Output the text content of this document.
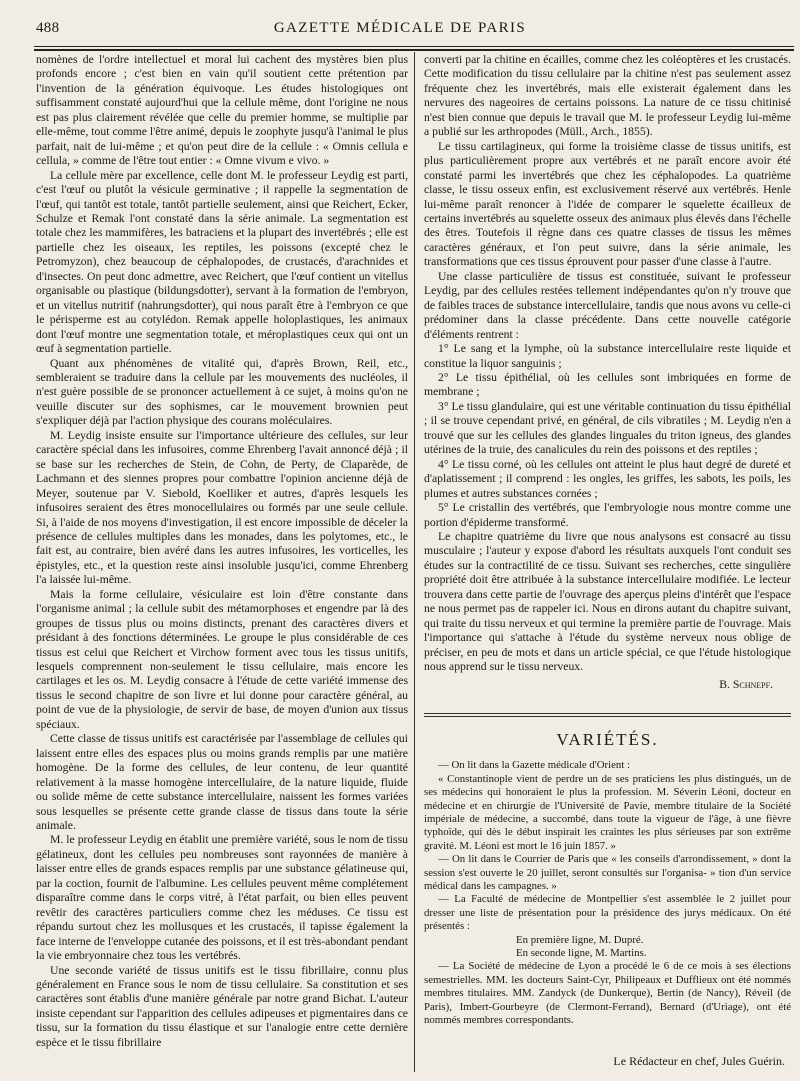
488	GAZETTE MÉDICALE DE PARIS

nomènes de l'ordre intellectuel et moral lui cachent des mystères bien plus profonds encore ; c'est bien en vain qu'il soutient cette prétention par l'invention de la génération équivoque. Les études histologiques ont suffisamment constaté aujourd'hui que la cellule même, dont l'origine ne nous est pas plus clairement révélée que celle du premier homme, se multiplie par elle-même, tout comme l'être animé, depuis le zoophyte jusqu'à l'animal le plus parfait, nait de lui-même ; et qu'on peut dire de la cellule : « Omnis cellula e cellula, » comme de l'être tout entier : « Omne vivum e vivo. »

La cellule mère par excellence, celle dont M. le professeur Leydig est parti, c'est l'œuf ou plutôt la vésicule germinative ; il rappelle la segmentation de l'œuf, qui tantôt est totale, tantôt partielle seulement, ainsi que Reichert, Ecker, Schulze et Remak l'ont constaté dans la série animale. La segmentation est totale chez les mammifères, les batraciens et la plupart des invertébrés ; elle est partielle chez les oiseaux, les reptiles, les poissons (excepté chez le Petromyzon), chez beaucoup de céphalopodes, de crustacés, d'arachnides et d'insectes. On peut donc admettre, avec Reichert, que l'œuf contient un vitellus organisable ou plastique (bildungsdotter), servant à la formation de l'embryon, et un vitellus nutritif (nahrungsdotter), qui nous paraît être à l'embryon ce que le périsperme est au cotylédon. Remak appelle holoplastiques, les animaux dont l'œuf montre une segmentation totale, et méroplastiques ceux qui ont un œuf à segmentation partielle.

Quant aux phénomènes de vitalité qui, d'après Brown, Reil, etc., sembleraient se traduire dans la cellule par les mouvements des nucléoles, il n'est guère possible de se prononcer actuellement à ce sujet, à moins qu'on ne veuille discuter sur des sophismes, car le mouvement brownien peut s'expliquer déjà par l'action physique des courans moléculaires.

M. Leydig insiste ensuite sur l'importance ultérieure des cellules, sur leur caractère spécial dans les infusoires, comme Ehrenberg l'avait annoncé déjà ; il se base sur les recherches de Stein, de Cohn, de Perty, de Claparède, de Lachmann et des siennes propres pour combattre l'opinion ancienne déjà de Meyer, soutenue par V. Siebold, Koelliker et autres, d'après lesquels les infusoires seraient des êtres monocellulaires ou formés par une seule cellule. Si, à l'aide de nos moyens d'investigation, il est encore impossible de déceler la présence de cellules multiples dans les monades, dans les polytomes, etc., le fait est, au contraire, bien avéré dans les autres infusoires, les vorticelles, les épistyles, etc., et la question reste ainsi insoluble jusqu'ici, comme Ehrenberg l'a laissée lui-même.

Mais la forme cellulaire, vésiculaire est loin d'être constante dans l'organisme animal ; la cellule subit des métamorphoses et engendre par là des groupes de tissus plus ou moins distincts, prenant des caractères divers et présidant à des fonctions déterminées. Le groupe le plus considérable de ces tissus est celui que Reichert et Virchow forment avec tous les tissus unitifs, lesquels comprennent non-seulement le tissu cellulaire, mais encore les cartilages et les os. M. Leydig consacre à l'étude de cette variété immense des tissus le second chapitre de son livre et lui donne pour caractère général, au point de vue de la physiologie, de servir de base, de moyen d'union aux tissus spéciaux.

Cette classe de tissus unitifs est caractérisée par l'assemblage de cellules qui laissent entre elles des espaces plus ou moins grands remplis par une matière homogène. De la forme des cellules, de leur contenu, de leur quantité relativement à la masse homogène intercellulaire, de la nature liquide, fluide ou solide même de cette substance intercellulaire, naissent les formes variées sous lesquelles se présente cette grande classe de tissus dans toute la série animale.

M. le professeur Leydig en établit une première variété, sous le nom de tissu gélatineux, dont les cellules peu nombreuses sont rayonnées de manière à laisser entre elles de grands espaces remplis par une substance gélatineuse qui, par la coction, fournit de l'albumine. Les cellules peuvent même complétement disparaître comme dans le corps vitré, à l'état parfait, ou bien elles peuvent revêtir des caractères particuliers comme chez les méduses. Ce tissu est répandu surtout chez les mollusques et les crustacés, il tapisse également la face interne de l'enveloppe cutanée des poissons, et il est très-abondant pendant la vie embryonnaire chez tous les vertébrés.

Une seconde variété de tissus unitifs est le tissu fibrillaire, connu plus généralement en France sous le nom de tissu cellulaire. Sa constitution et ses caractères sont établis d'une manière générale par notre grand Bichat. L'auteur insiste cependant sur l'apparition des cellules adipeuses et pigmentaires dans ce tissu, sur la formation du tissu élastique et sur l'analogie entre cette dernière espèce et le tissu fibrillaire

converti par la chitine en écailles, comme chez les coléoptères et les crustacés. Cette modification du tissu cellulaire par la chitine n'est pas seulement assez fréquente chez les invertébrés, mais elle existerait également dans les nervures des nageoires de certains poissons. La nature de ce tissu chitinisé n'est bien connue que depuis le travail que M. le professeur Leydig lui-même a publié sur les arthropodes (Müll., Arch., 1855).

Le tissu cartilagineux, qui forme la troisième classe de tissus unitifs, est plus particulièrement propre aux vertébrés et ne paraît encore avoir été constaté parmi les invertébrés que chez les céphalopodes. La quatrième classe, le tissu osseux enfin, est exclusivement réservé aux vertébrés. Henle lui-même paraît renoncer à l'idée de comparer le squelette écailleux de certains invertébrés au squelette osseux des animaux plus élevés dans l'échelle des êtres. Toutefois il règne dans ces quatre classes de tissus les mêmes caractères généraux, et l'on peut suivre, dans la série animale, les transformations que ces tissus éprouvent pour passer d'une classe à l'autre.

Une classe particulière de tissus est constituée, suivant le professeur Leydig, par des cellules restées tellement indépendantes qu'on n'y trouve que de faibles traces de substance intercellulaire, tandis que nous avons vu celle-ci prédominer dans la classe précédente. Dans cette nouvelle catégorie d'éléments rentrent :

1° Le sang et la lymphe, où la substance intercellulaire reste liquide et constitue la liquor sanguinis ;

2° Le tissu épithélial, où les cellules sont imbriquées en forme de membrane ;

3° Le tissu glandulaire, qui est une véritable continuation du tissu épithélial ; il se trouve cependant privé, en général, de cils vibratiles ; M. Leydig n'en a trouvé que sur les cellules des glandes linguales du triton igneus, des glandes utérines de la truie, des canalicules du rein des poissons et des reptiles ;

4° Le tissu corné, où les cellules ont atteint le plus haut degré de dureté et d'aplatissement ; il comprend : les ongles, les griffes, les sabots, les poils, les plumes et autres substances cornées ;

5° Le cristallin des vertébrés, que l'embryologie nous montre comme une portion d'épiderme transformé.

Le chapitre quatrième du livre que nous analysons est consacré au tissu musculaire ; l'auteur y expose d'abord les résultats auxquels l'ont conduit ses études sur la contractilité de ce tissu. Suivant ses recherches, cette singulière propriété doit être attribuée à la substance intercellulaire modifiée. Le lecteur trouvera dans cette partie de l'ouvrage des aperçus pleins d'intérêt que l'espace ne nous permet pas de rappeler ici. Nous en dirons autant du chapitre suivant, qui traite du tissu nerveux et qui termine la première partie de l'ouvrage. Mais l'importance qui s'attache à l'étude du système nerveux nous oblige de préciser, en peu de mots et dans un article spécial, ce que l'étude histologique nous apprend sur le tissu nerveux.

B. Schnepf.
VARIÉTÉS.

— On lit dans la Gazette médicale d'Orient :

« Constantinople vient de perdre un de ses praticiens les plus distingués, un de ses médecins qui honoraient le plus la profession. M. Séverin Léoni, docteur en médecine et en chirurgie de l'Université de Pavie, membre titulaire de la Société impériale de médecine, a succombé, dans toute la vigueur de l'âge, à une fièvre typhoïde, qui dès le début inspirait les craintes les plus sérieuses par son extrême gravité. M. Léoni est mort le 16 juin 1857. »

— On lit dans le Courrier de Paris que « les conseils d'arrondissement, » dont la session s'est ouverte le 20 juillet, seront consultés sur l'organisa- » tion d'un service médical dans les campagnes. »

— La Faculté de médecine de Montpellier s'est assemblée le 2 juillet pour dresser une liste de présentation pour la présidence des jurys médicaux. On été présentés :

En première ligne, M. Dupré.

En seconde ligne, M. Martins.

— La Société de médecine de Lyon a procédé le 6 de ce mois à ses élections semestrielles. MM. les docteurs Saint-Cyr, Philipeaux et Dufflieux ont été nommés membres titulaires. MM. Zandyck (de Dunkerque), Bertin (de Nancy), Réveil (de Paris), Imbert-Gourbeyre (de Clermont-Ferrand), Bernard (d'Uriage), ont été nommés membres correspondants.

Le Rédacteur en chef, Jules Guérin.
